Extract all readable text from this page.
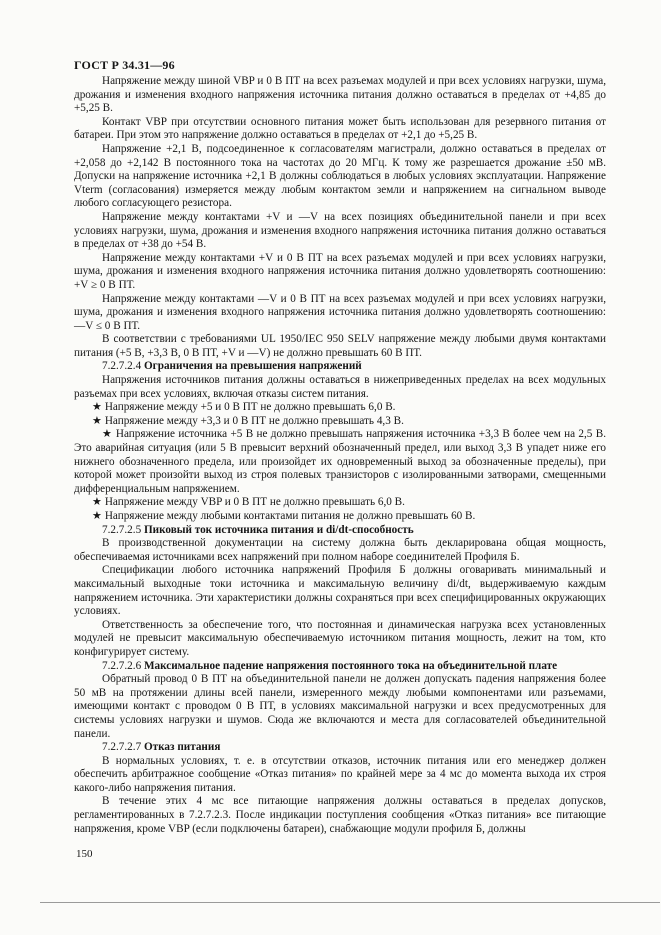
ГОСТ Р 34.31—96
Напряжение между шиной VBP и 0 В ПТ на всех разъемах модулей и при всех условиях нагрузки, шума, дрожания и изменения входного напряжения источника питания должно оставаться в пределах от +4,85 до +5,25 В.
Контакт VBP при отсутствии основного питания может быть использован для резервного питания от батареи. При этом это напряжение должно оставаться в пределах от +2,1 до +5,25 В.
Напряжение +2,1 В, подсоединенное к согласователям магистрали, должно оставаться в пределах от +2,058 до +2,142 В постоянного тока на частотах до 20 МГц. К тому же разрешается дрожание ±50 мВ. Допуски на напряжение источника +2,1 В должны соблюдаться в любых условиях эксплуатации. Напряжение Vterm (согласования) измеряется между любым контактом земли и напряжением на сигнальном выводе любого согласующего резистора.
Напряжение между контактами +V и —V на всех позициях объединительной панели и при всех условиях нагрузки, шума, дрожания и изменения входного напряжения источника питания должно оставаться в пределах от +38 до +54 В.
Напряжение между контактами +V и 0 В ПТ на всех разъемах модулей и при всех условиях нагрузки, шума, дрожания и изменения входного напряжения источника питания должно удовлетворять соотношению: +V ≥ 0 В ПТ.
Напряжение между контактами —V и 0 В ПТ на всех разъемах модулей и при всех условиях нагрузки, шума, дрожания и изменения входного напряжения источника питания должно удовлетворять соотношению: —V ≤ 0 В ПТ.
В соответствии с требованиями UL 1950/IEC 950 SELV напряжение между любыми двумя контактами питания (+5 В, +3,3 В, 0 В ПТ, +V и —V) не должно превышать 60 В ПТ.
7.2.7.2.4 Ограничения на превышения напряжений
Напряжения источников питания должны оставаться в нижеприведенных пределах на всех модульных разъемах при всех условиях, включая отказы систем питания.
★ Напряжение между +5 и 0 В ПТ не должно превышать 6,0 В.
★ Напряжение между +3,3 и 0 В ПТ не должно превышать 4,3 В.
★ Напряжение источника +5 В не должно превышать напряжения источника +3,3 В более чем на 2,5 В. Это аварийная ситуация (или 5 В превысит верхний обозначенный предел, или выход 3,3 В упадет ниже его нижнего обозначенного предела, или произойдет их одновременный выход за обозначенные пределы), при которой может произойти выход из строя полевых транзисторов с изолированными затворами, смещенными дифференциальным напряжением.
★ Напряжение между VBP и 0 В ПТ не должно превышать 6,0 В.
★ Напряжение между любыми контактами питания не должно превышать 60 В.
7.2.7.2.5 Пиковый ток источника питания и di/dt-способность
В производственной документации на систему должна быть декларирована общая мощность, обеспечиваемая источниками всех напряжений при полном наборе соединителей Профиля Б.
Спецификации любого источника напряжений Профиля Б должны оговаривать минимальный и максимальный выходные токи источника и максимальную величину di/dt, выдерживаемую каждым напряжением источника. Эти характеристики должны сохраняться при всех специфицированных окружающих условиях.
Ответственность за обеспечение того, что постоянная и динамическая нагрузка всех установленных модулей не превысит максимальную обеспечиваемую источником питания мощность, лежит на том, кто конфигурирует систему.
7.2.7.2.6 Максимальное падение напряжения постоянного тока на объединительной плате
Обратный провод 0 В ПТ на объединительной панели не должен допускать падения напряжения более 50 мВ на протяжении длины всей панели, измеренного между любыми компонентами или разъемами, имеющими контакт с проводом 0 В ПТ, в условиях максимальной нагрузки и всех предусмотренных для системы условиях нагрузки и шумов. Сюда же включаются и места для согласователей объединительной панели.
7.2.7.2.7 Отказ питания
В нормальных условиях, т. е. в отсутствии отказов, источник питания или его менеджер должен обеспечить арбитражное сообщение «Отказ питания» по крайней мере за 4 мс до момента выхода их строя какого-либо напряжения питания.
В течение этих 4 мс все питающие напряжения должны оставаться в пределах допусков, регламентированных в 7.2.7.2.3. После индикации поступления сообщения «Отказ питания» все питающие напряжения, кроме VBP (если подключены батареи), снабжающие модули профиля Б, должны
150
